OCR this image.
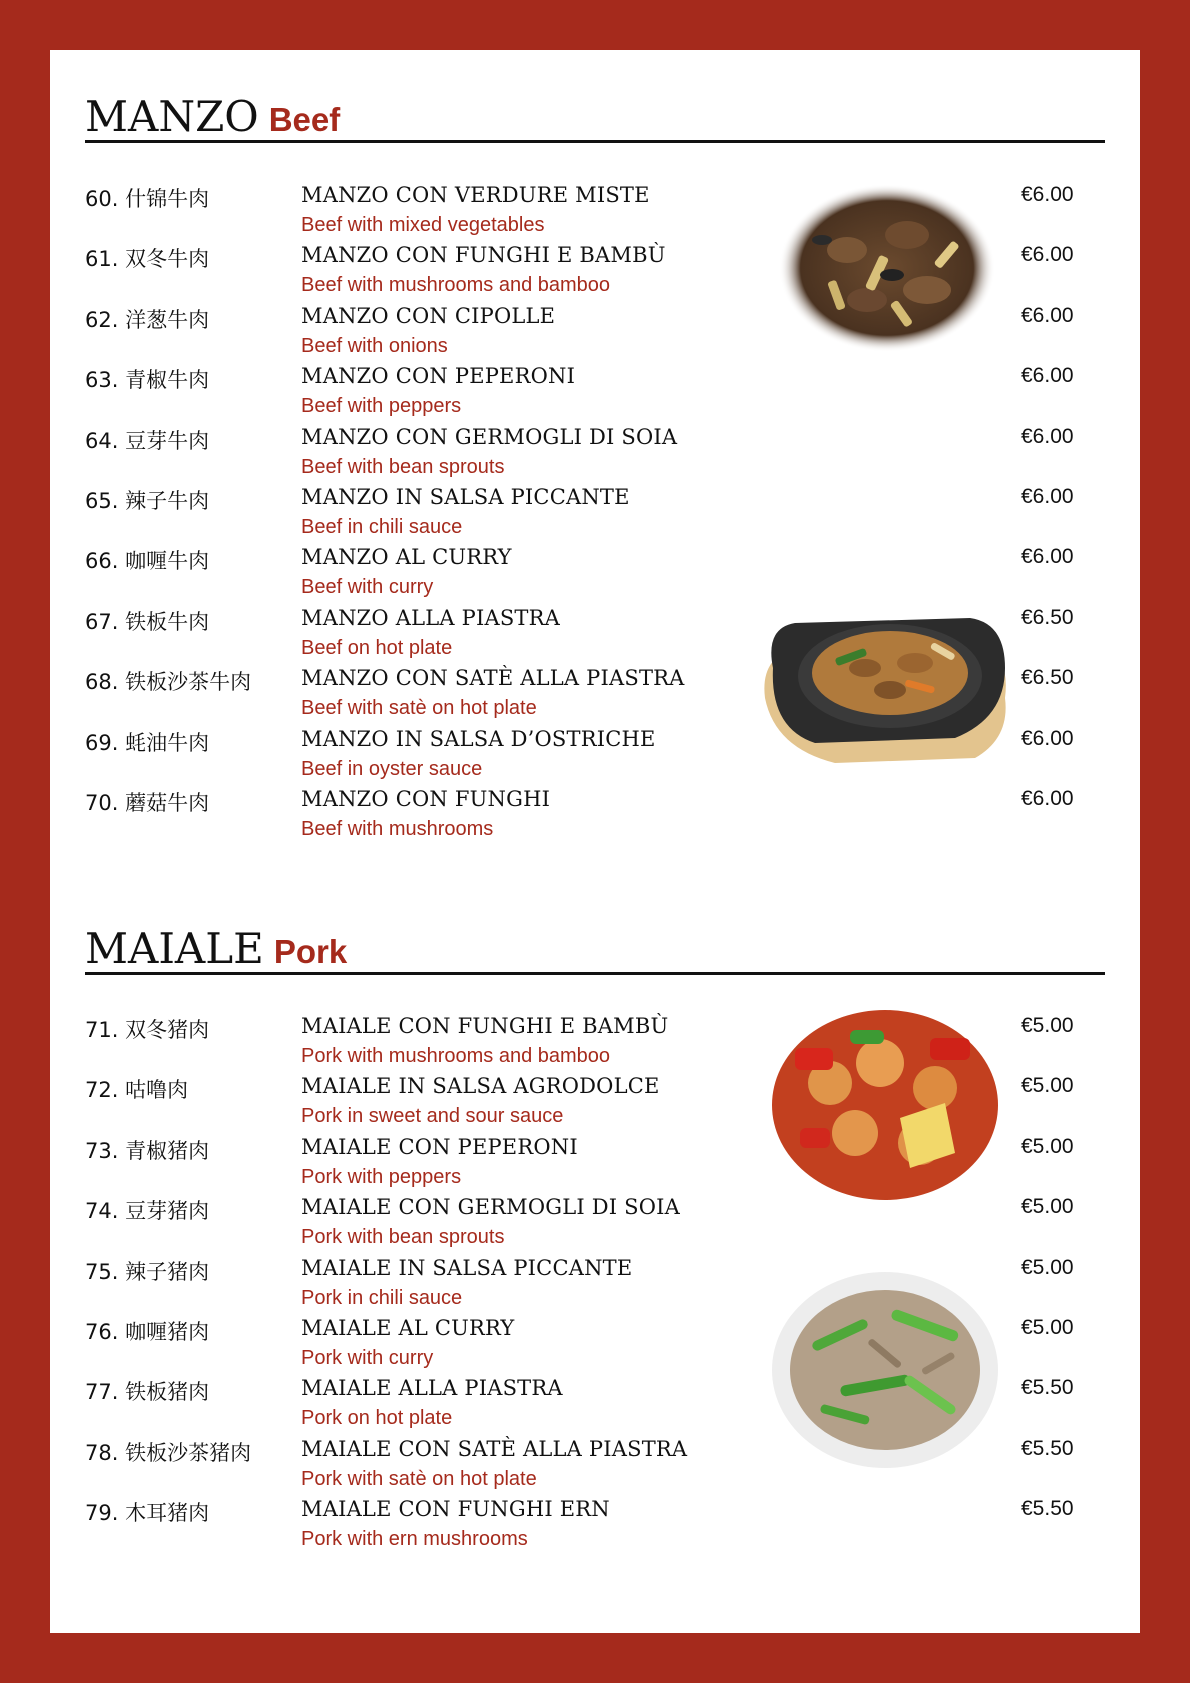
MANZO Beef
60. 什锦牛肉	MANZO CON VERDURE MISTE
Beef with mixed vegetables
€6.00
61. 双冬牛肉	MANZO CON FUNGHI E BAMBÙ
Beef with mushrooms and bamboo
€6.00
62. 洋葱牛肉	MANZO CON CIPOLLE
Beef with onions
€6.00
63. 青椒牛肉	MANZO CON PEPERONI
Beef with peppers
€6.00
64. 豆芽牛肉	MANZO CON GERMOGLI DI SOIA
Beef with bean sprouts
€6.00
65. 辣子牛肉	MANZO IN SALSA PICCANTE
Beef in chili sauce
€6.00
66. 咖喱牛肉	MANZO AL CURRY
Beef with curry
€6.00
67. 铁板牛肉	MANZO ALLA PIASTRA
Beef on hot plate
€6.50
68. 铁板沙茶牛肉 MANZO CON SATÈ ALLA PIASTRA
Beef with satè on hot plate
€6.50
69. 蚝油牛肉	MANZO IN SALSA D’OSTRICHE
Beef in oyster sauce
€6.00
70. 蘑菇牛肉	MANZO CON FUNGHI
Beef with mushrooms
€6.00
MAIALE Pork
71. 双冬猪肉	MAIALE CON FUNGHI E BAMBÙ
Pork with mushrooms and bamboo
€5.00
72. 咕噜肉	MAIALE IN SALSA AGRODOLCE
Pork in sweet and sour sauce
€5.00
73. 青椒猪肉	MAIALE CON PEPERONI
Pork with peppers
€5.00
74. 豆芽猪肉	MAIALE CON GERMOGLI DI SOIA
Pork with bean sprouts
€5.00
75. 辣子猪肉	MAIALE IN SALSA PICCANTE
Pork in chili sauce
€5.00
76. 咖喱猪肉	MAIALE AL CURRY
Pork with curry
€5.00
77. 铁板猪肉	MAIALE ALLA PIASTRA
Pork on hot plate
€5.50
78. 铁板沙茶猪肉 MAIALE CON SATÈ ALLA PIASTRA
Pork with satè on hot plate
€5.50
79. 木耳猪肉	MAIALE CON FUNGHI ERN
Pork with ern mushrooms
€5.50
